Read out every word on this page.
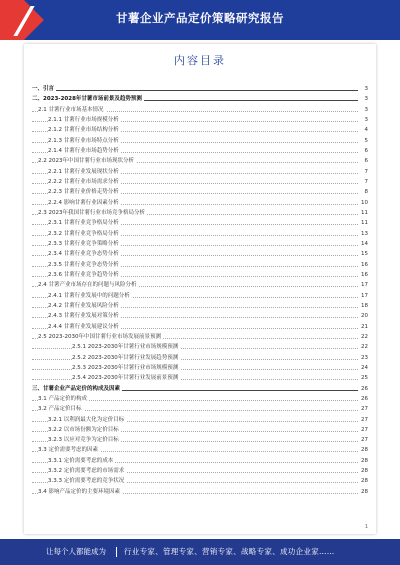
甘薯企业产品定价策略研究报告
内容目录
一、引言	3
二、2023-2028年甘薯市场前景及趋势预测	3
2.1 甘薯行业市场基本情况	3
2.1.1 甘薯行业市场规模分析	3
2.1.2 甘薯行业市场结构分析	4
2.1.3 甘薯行业市场特点分析	5
2.1.4 甘薯行业市场趋势分析	6
2.2 2023年中国甘薯行业市场现状分析	6
2.2.1 甘薯行业发展现状分析	7
2.2.2 甘薯行业市场需求分析	7
2.2.3 甘薯行业价格走势分析	8
2.2.4 影响甘薯行业因素分析	10
2.3 2023年我国甘薯行业市场竞争格局分析	11
2.3.1 甘薯行业竞争格局分析	11
2.3.2 甘薯行业竞争格局分析	13
2.3.3 甘薯行业竞争策略分析	14
2.3.4 甘薯行业竞争态势分析	15
2.3.5 甘薯行业竞争态势分析	16
2.3.6 甘薯行业竞争趋势分析	16
2.4 甘薯产业市场存在的问题与风险分析	17
2.4.1 甘薯行业发展中的问题分析	17
2.4.2 甘薯行业发展风险分析	18
2.4.3 甘薯行业发展对策分析	20
2.4.4 甘薯行业发展建议分析	21
2.5 2023-2030年中国甘薯行业市场发展前景预测	22
2.5.1 2023-2030年甘薯行业市场规模预测	22
2.5.2 2023-2030年甘薯行业发展趋势预测	23
2.5.3 2023-2030年甘薯行业市场规模预测	24
2.5.4 2023-2030年甘薯行业发展前景预测	25
三、甘薯企业产品定价的构成及因素	26
3.1 产品定价的构成	26
3.2 产品定价目标	27
3.2.1 以利润最大化为定价目标	27
3.2.2 以市场份额为定价目标	27
3.2.3 以应对竞争为定价目标	27
3.3 定价需要考虑的因素	28
3.3.1 定价需要考虑的成本	28
3.3.2 定价需要考虑的市场需求	28
3.3.3 定价需要考虑的竞争状况	28
3.4 影响产品定价的主要环境因素	28
1
让每个人都能成为 行业专家、管理专家、营销专家、战略专家、成功企业家……
